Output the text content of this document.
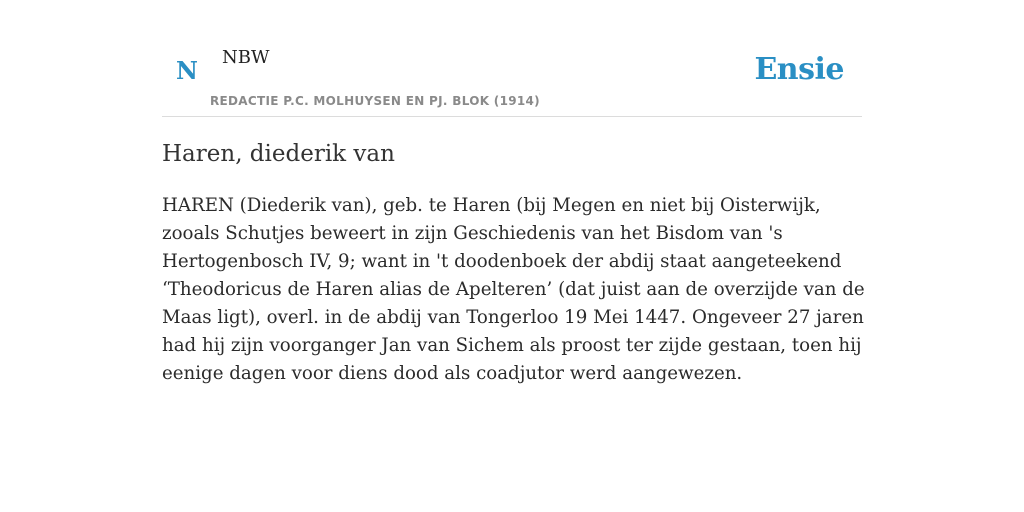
N NBW
REDACTIE P.C. MOLHUYSEN EN PJ. BLOK (1914)
Ensie
Haren, diederik van

HAREN (Diederik van), geb. te Haren (bij Megen en niet bij Oisterwijk, zooals Schutjes beweert in zijn Geschiedenis van het Bisdom van 's Hertogenbosch IV, 9; want in 't doodenboek der abdij staat aangeteekend ‘Theodoricus de Haren alias de Apelteren’ (dat juist aan de overzijde van de Maas ligt), overl. in de abdij van Tongerloo 19 Mei 1447. Ongeveer 27 jaren had hij zijn voorganger Jan van Sichem als proost ter zijde gestaan, toen hij eenige dagen voor diens dood als coadjutor werd aangewezen.
